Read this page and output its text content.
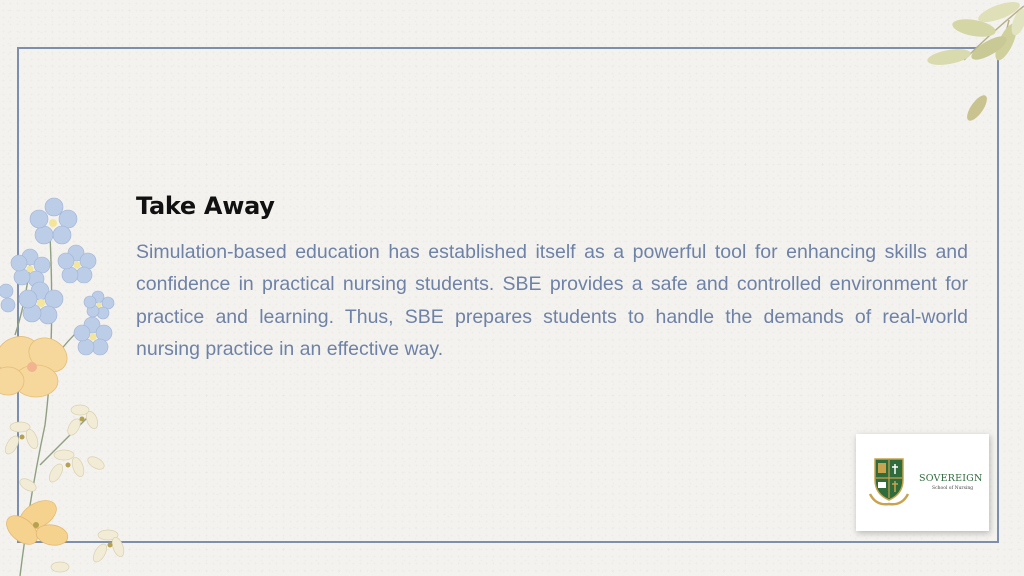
Take Away
Simulation-based education has established itself as a powerful tool for enhancing skills and confidence in practical nursing students. SBE provides a safe and controlled environment for practice and learning. Thus, SBE prepares students to handle the demands of real-world nursing practice in an effective way.
SOVEREIGN
School of Nursing
